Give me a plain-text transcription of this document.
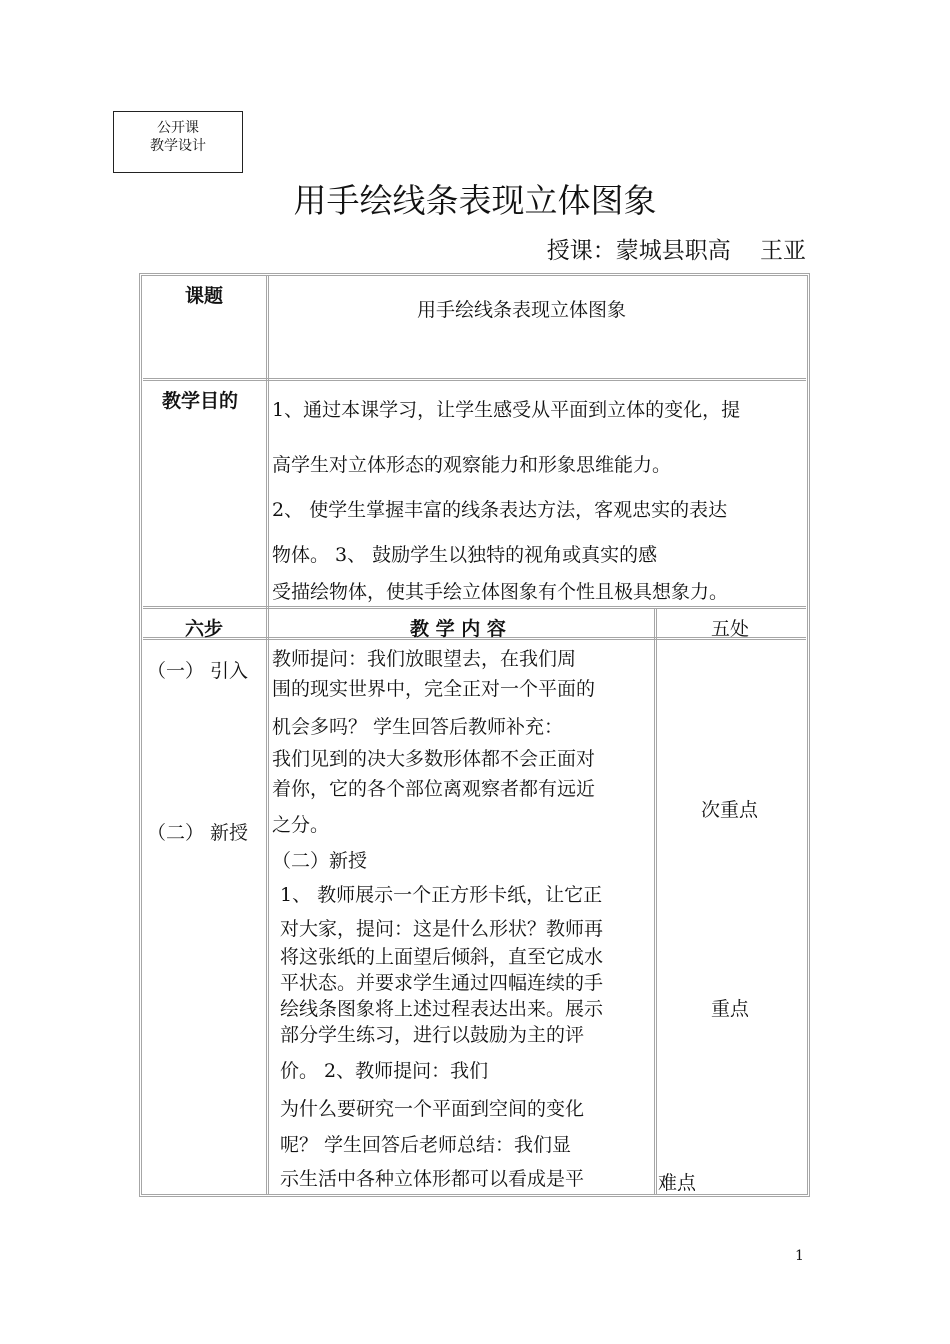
公开课
教学设计
用手绘线条表现立体图象
授课：蒙城县职高    王亚
课题
用手绘线条表现立体图象
教学目的 1、通过本课学习，让学生感受从平面到立体的变化，提
高学生对立体形态的观察能力和形象思维能力。
2、 使学生掌握丰富的线条表达方法，客观忠实的表达
物体。 3、 鼓励学生以独特的视角或真实的感
受描绘物体，使其手绘立体图象有个性且极具想象力。
六步	教 学 内 容	五处
（一） 引入
（二） 新授
教师提问：我们放眼望去，在我们周
围的现实世界中，完全正对一个平面的
机会多吗？ 学生回答后教师补充：
我们见到的决大多数形体都不会正面对
着你，它的各个部位离观察者都有远近
之分。
（二）新授
1、 教师展示一个正方形卡纸，让它正
对大家，提问：这是什么形状？教师再
将这张纸的上面望后倾斜，直至它成水
平状态。并要求学生通过四幅连续的手
绘线条图象将上述过程表达出来。展示
部分学生练习，进行以鼓励为主的评
价。 2、教师提问：我们
为什么要研究一个平面到空间的变化
呢？ 学生回答后老师总结：我们显
示生活中各种立体形都可以看成是平
次重点
重点
难点
1
